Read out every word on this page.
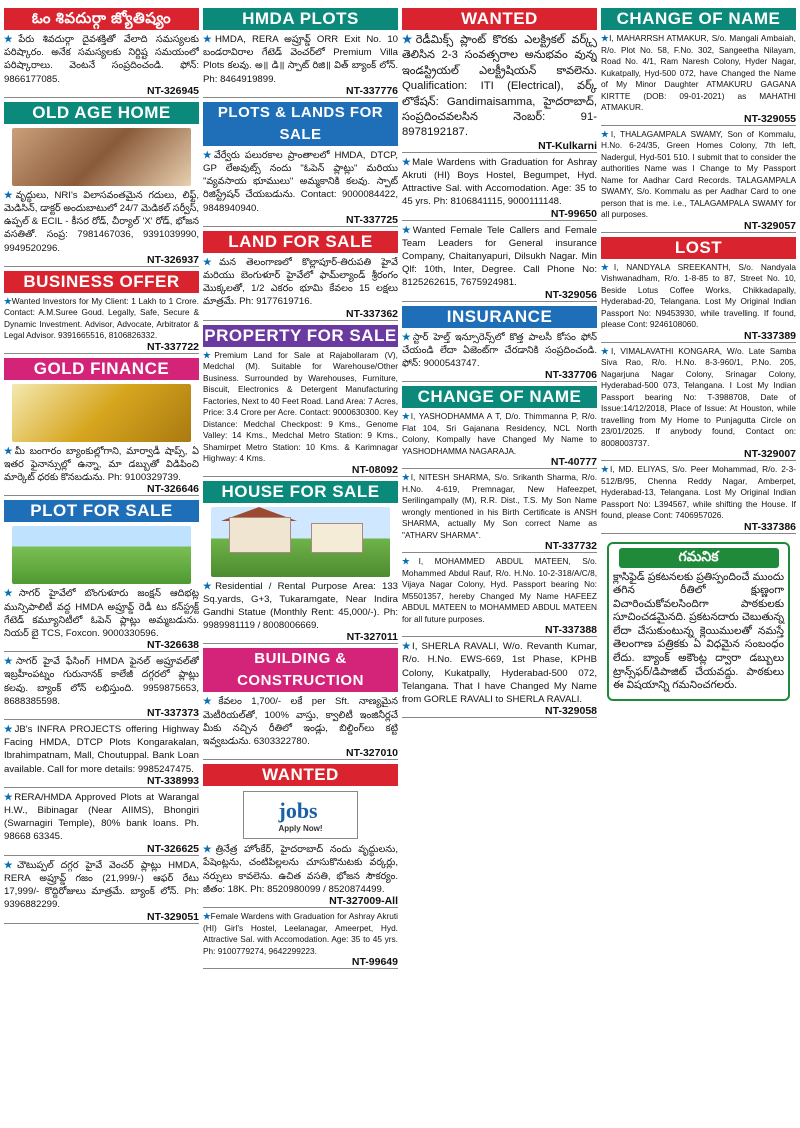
ఓం శివదుర్గా జ్యోతిష్యం
★పేరు శివదుర్గా దైవశక్తితో వేలాది సమస్యలకు పరిష్కారం. అనేక సమస్యలకు నిర్దిష్ట సమయంలో పరిష్కారాలు. వెంటనే సంప్రదించండి. ఫోన్: 9866177085.
NT-326945
OLD AGE HOME
★వృద్ధులు, NRI's విలాసవంతమైన గదులు, లిఫ్ట్, మెడిసిన్, డాక్టర్ అందుబాటులో 24/7 మెడికల్ సర్వీస్, ఉప్పల్ & ECIL - కీసర రోడ్, చీర్యాల్ 'X' రోడ్, భోజన వసతితో. సంప్ర: 7981467036, 9391039990, 9949520296.
NT-326937
BUSINESS OFFER
★Wanted Investors for My Client: 1 Lakh to 1 Crore. Contact: A.M.Suree Goud. Legally, Safe, Secure & Dynamic Investment. Advisor, Advocate, Arbitrator & Legal Advisor. 9391665516, 8106826332.
NT-337722
GOLD FINANCE
★మీ బంగారం బ్యాంకుల్లోగాని, మార్వాడీ షాప్స్, ఏ ఇతర ఫైనాన్సుల్లో ఉన్నా, మా డబ్బుతో విడిపించి మార్కెట్ ధరకు కొనబడును. Ph: 9100329739.
NT-326646
PLOT FOR SALE
★సాగర్ హైవేలో బొంగుళూరు జంక్షన్ ఆదిభట్ల మున్సిపాలిటీ వద్ద HMDA అప్రూవ్డ్ రెడీ టు కన్‌స్ట్రక్ట్ గేటెడ్ కమ్యూనిటీలో ఓపెన్ ప్లాట్లు అమ్మబడును. నియర్ బై TCS, Foxcon. 9000330596.
NT-326638
★సాగర్ హైవే ఫేసింగ్ HMDA ఫైనల్ అప్రూవల్‌తో ఇబ్రహీంపట్నం గురునానక్ కాలేజీ దగ్గరలో ప్లాట్లు కలవు. బ్యాంక్ లోన్ లభిస్తుంది. 9959875653, 8688385598.
NT-337373
★JB's INFRA PROJECTS offering Highway Facing HMDA, DTCP Plots Kongarakalan, Ibrahimpatnam, Mall, Choutuppal. Bank Loan available. Call for more details: 9985247475.
NT-338993
★RERA/HMDA Approved Plots at Warangal H.W., Bibinagar (Near AIIMS), Bhongiri (Swarnagiri Temple), 80% bank loans. Ph. 98668 63345.
NT-326625
★చౌటుప్పల్ దగ్గర హైవే వెంచర్ ప్లాట్లు HMDA, RERA అప్రూవ్డ్ గజం (21,999/-) ఆఫర్ రేటు 17,999/- కొద్దిరోజులు మాత్రమే. బ్యాంక్ లోన్. Ph: 9396882299.
NT-329051
HMDA PLOTS
★HMDA, RERA అప్రూవ్డ్ ORR Exit No. 10 బండరావిరాల గేటెడ్ వెంచర్‌లో Premium Villa Plots కలవు. అ॥ డి॥ స్పాట్ రిజి॥ విత్ బ్యాంక్ లోన్. Ph: 8464919899.
NT-337776
PLOTS & LANDS FOR SALE
★వేర్వేరు పలురకాల ప్రాంతాలలో HMDA, DTCP, GP లేఅవుట్స్ నందు "ఓపెన్ ప్లాట్లు" మరియు "వ్యవసాయ భూములు" అమ్మకానికి కలవు. స్పాట్ రిజిస్ట్రేషన్ చేయబడును. Contact: 9000084422, 9848940940.
NT-337725
LAND FOR SALE
★మన తెలంగాణలో కొల్లాపూర్-తిరుపతి హైవే మరియు బెంగుళూర్ హైవేలో ఫామ్‌ల్యాండ్ శ్రీరంగం మొక్కలతో, 1/2 ఎకరం భూమి కేవలం 15 లక్షలు మాత్రమే. Ph: 9177619716.
NT-337362
PROPERTY FOR SALE
★Premium Land for Sale at Rajabollaram (V), Medchal (M). Suitable for Warehouse/Other Business. Surrounded by Warehouses, Furniture, Biscuit, Electronics & Detergent Manufacturing Factories, Next to 40 Feet Road. Land Area: 7 Acres, Price: 3.4 Crore per Acre. Contact: 9000630300. Key Distance: Medchal Checkpost: 9 Kms., Genome Valley: 14 Kms., Medchal Metro Station: 9 Kms., Shamirpet Metro Station: 10 Kms. & Karimnagar Highway: 4 Kms.
NT-08092
HOUSE FOR SALE
★Residential / Rental Purpose Area: 133 Sq.yards, G+3, Tukaramgate, Near Indira Gandhi Statue (Monthly Rent: 45,000/-). Ph: 9989981119 / 8008006669.
NT-327011
BUILDING & CONSTRUCTION
★కేవలం 1,700/- లకే per Sft. నాణ్యమైన మెటీరియల్‌తో, 100% వాస్తు, క్వాలిటీ ఇంజినీర్లచే మీకు నచ్చిన రీతిలో ఇండ్లు, బిల్డింగ్‌లు కట్టి ఇవ్వబడును. 6303322780.
NT-327010
WANTED
jobs
Apply Now!
★త్రినేత్ర హోంకేర్, హైదరాబాద్ నందు వృద్ధులను, పేషెంట్లను, చంటిపిల్లలను చూసుకొనుటకు వర్కర్లు, నర్సులు కావలెను. ఉచిత వసతి, భోజన సౌకర్యం. జీతం: 18K. Ph: 8520980099 / 8520874499.
NT-327009-All
★Female Wardens with Graduation for Ashray Akruti (HI) Girl's Hostel, Leelanagar, Ameerpet, Hyd. Attractive Sal. with Accomodation. Age: 35 to 45 yrs. Ph: 9100779274, 9642299223.
NT-99649
WANTED
★రెడీమిక్స్ ప్లాంట్ కొరకు ఎలక్ట్రికల్ వర్క్స్ తెలిసిన 2-3 సంవత్సరాల అనుభవం వున్న ఇండస్ట్రియల్ ఎలక్ట్రీషియన్ కావలెను. Qualification: ITI (Electrical), వర్క్ లొకేషన్: Gandimaisamma, హైదరాబాద్, సంప్రదించవలసిన నెంబర్: 91-8978192187.
NT-Kulkarni
★Male Wardens with Graduation for Ashray Akruti (HI) Boys Hostel, Begumpet, Hyd. Attractive Sal. with Accomodation. Age: 35 to 45 yrs. Ph: 8106841115, 9000111148.
NT-99650
★Wanted Female Tele Callers and Female Team Leaders for General insurance Company, Chaitanyapuri, Dilsukh Nagar. Min Qlf: 10th, Inter, Degree. Call Phone No: 8125262615, 7675924981.
NT-329056
INSURANCE
★స్టార్ హెల్త్ ఇన్సూరెన్స్‌లో కొత్త పాలసీ కోసం ఫోన్ చేయండి లేదా ఏజెంట్‌గా చేరడానికి సంప్రదించండి. ఫోన్: 9000543747.
NT-337706
CHANGE OF NAME
★I, YASHODHAMMA A T, D/o. Thimmanna P, R/o. Flat 104, Sri Gajanana Residency, NCL North Colony, Kompally have Changed My Name to YASHODHAMMA NAGARAJA.
NT-40777
★I, NITESH SHARMA, S/o. Srikanth Sharma, R/o. H.No. 4-619, Premnagar, New Hafeezpet, Serilingampally (M), R.R. Dist., T.S. My Son Name wrongly mentioned in his Birth Certificate is ANSH SHARMA, actually My Son correct Name as "ATHARV SHARMA".
NT-337732
★I, MOHAMMED ABDUL MATEEN, S/o. Mohammed Abdul Rauf, R/o. H.No. 10-2-318/A/C/8, Vijaya Nagar Colony, Hyd. Passport bearing No: M5501357, hereby Changed My Name HAFEEZ ABDUL MATEEN to MOHAMMED ABDUL MATEEN for all future purposes.
NT-337388
★I, SHERLA RAVALI, W/o. Revanth Kumar, R/o. H.No. EWS-669, 1st Phase, KPHB Colony, Kukatpally, Hyderabad-500 072, Telangana. That I have Changed My Name from GORLE RAVALI to SHERLA RAVALI.
NT-329058
CHANGE OF NAME
★I, MAHARRSH ATMAKUR, S/o. Mangali Ambaiah, R/o. Plot No. 58, F.No. 302, Sangeetha Nilayam, Road No. 4/1, Ram Naresh Colony, Hyder Nagar, Kukatpally, Hyd-500 072, have Changed the Name of My Minor Daughter ATMAKURU GAGANA KIRTTE (DOB: 09-01-2021) as MAHATHI ATMAKUR.
NT-329055
★I, THALAGAMPALA SWAMY, Son of Kommalu, H.No. 6-24/35, Green Homes Colony, 7th left, Nadergul, Hyd-501 510. I submit that to consider the authorities Name was I Change to My Passport Name for Aadhar Card Records. TALAGAMPALA SWAMY, S/o. Kommalu as per Aadhar Card to one person that is me. i.e., TALAGAMPALA SWAMY for all purposes.
NT-329057
LOST
★I, NANDYALA SREEKANTH, S/o. Nandyala Vishwanadham, R/o. 1-8-85 to 87, Street No. 10, Beside Lotus Coffee Works, Chikkadapally, Hyderabad-20, Telangana. Lost My Original Indian Passport No: N9453930, while travelling. If found, please Cont: 9246108060.
NT-337389
★I, VIMALAVATHI KONGARA, W/o. Late Samba Siva Rao, R/o. H.No. 8-3-960/1, P.No. 205, Nagarjuna Nagar Colony, Srinagar Colony, Hyderabad-500 073, Telangana. I Lost My Indian Passport bearing No: T-3988708, Date of Issue:14/12/2018, Place of Issue: At Houston, while travelling from My Home to Punjagutta Circle on 23/01/2025. If anybody found, Contact on: 8008003737.
NT-329007
★I, MD. ELIYAS, S/o. Peer Mohammad, R/o. 2-3-512/B/95, Chenna Reddy Nagar, Amberpet, Hyderabad-13, Telangana. Lost My Original Indian Passport No: L394567, while shifting the House. If found, please Cont: 7406957026.
NT-337386
గమనిక

క్లాసిఫైడ్ ప్రకటనలకు ప్రతిస్పందించే ముందు తగిన రీతిలో క్షుణ్ణంగా విచారించుకోవలసిందిగా పాఠకులకు సూచించడమైనది. ప్రకటనదారు చెబుతున్న లేదా చేసుకుంటున్న క్లెయిములతో నమస్తే తెలంగాణ పత్రికకు ఏ విధమైన సంబంధం లేదు. బ్యాంక్ అకౌంట్ల ద్వారా డబ్బులు ట్రాన్స్‌ఫర్/డిపాజిట్ చేయవద్దు. పాఠకులు ఈ విషయాన్ని గమనించగలరు.
